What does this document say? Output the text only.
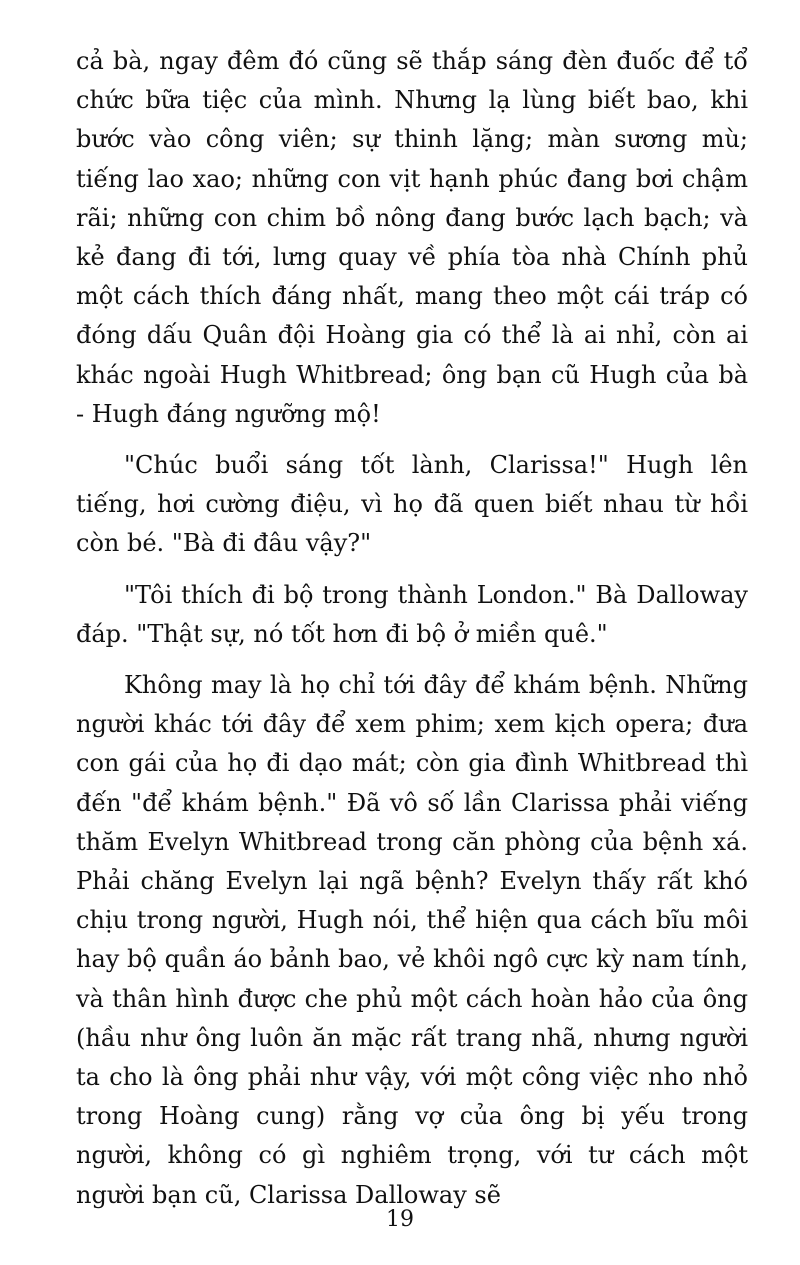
cả bà, ngay đêm đó cũng sẽ thắp sáng đèn đuốc để tổ chức bữa tiệc của mình. Nhưng lạ lùng biết bao, khi bước vào công viên; sự thinh lặng; màn sương mù; tiếng lao xao; những con vịt hạnh phúc đang bơi chậm rãi; những con chim bồ nông đang bước lạch bạch; và kẻ đang đi tới, lưng quay về phía tòa nhà Chính phủ một cách thích đáng nhất, mang theo một cái tráp có đóng dấu Quân đội Hoàng gia có thể là ai nhỉ, còn ai khác ngoài Hugh Whitbread; ông bạn cũ Hugh của bà - Hugh đáng ngưỡng mộ!

"Chúc buổi sáng tốt lành, Clarissa!" Hugh lên tiếng, hơi cường điệu, vì họ đã quen biết nhau từ hồi còn bé. "Bà đi đâu vậy?"

"Tôi thích đi bộ trong thành London." Bà Dalloway đáp. "Thật sự, nó tốt hơn đi bộ ở miền quê."

Không may là họ chỉ tới đây để khám bệnh. Những người khác tới đây để xem phim; xem kịch opera; đưa con gái của họ đi dạo mát; còn gia đình Whitbread thì đến "để khám bệnh." Đã vô số lần Clarissa phải viếng thăm Evelyn Whitbread trong căn phòng của bệnh xá. Phải chăng Evelyn lại ngã bệnh? Evelyn thấy rất khó chịu trong người, Hugh nói, thể hiện qua cách bĩu môi hay bộ quần áo bảnh bao, vẻ khôi ngô cực kỳ nam tính, và thân hình được che phủ một cách hoàn hảo của ông (hầu như ông luôn ăn mặc rất trang nhã, nhưng người ta cho là ông phải như vậy, với một công việc nho nhỏ trong Hoàng cung) rằng vợ của ông bị yếu trong người, không có gì nghiêm trọng, với tư cách một người bạn cũ, Clarissa Dalloway sẽ

19
